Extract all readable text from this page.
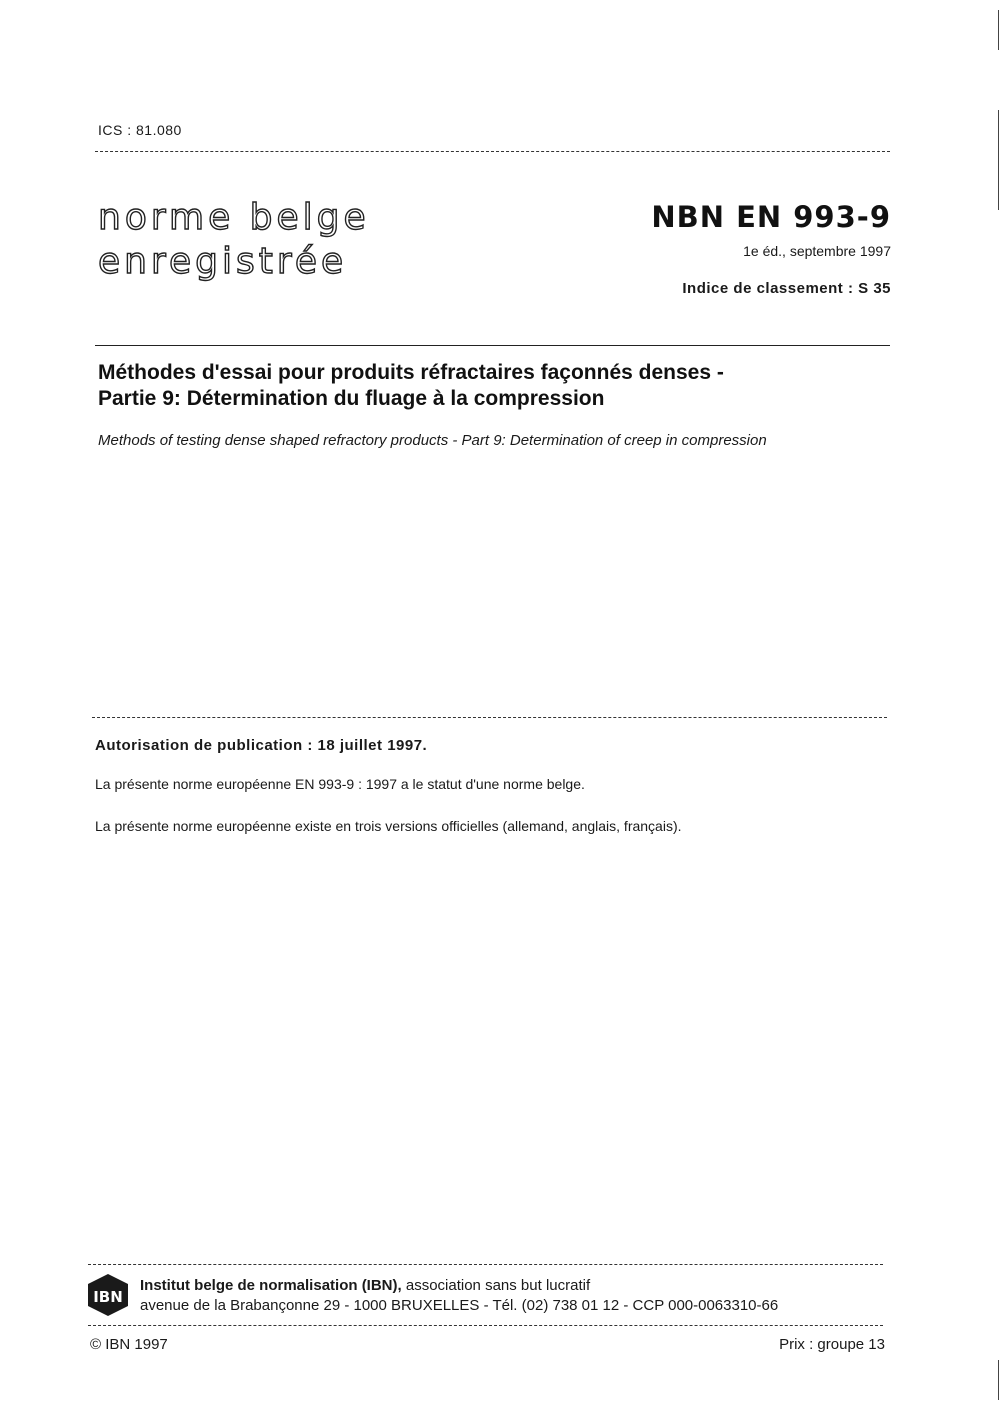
ICS : 81.080
norme belge
enregistrée
NBN EN 993-9
1e éd., septembre 1997
Indice de classement : S 35
Méthodes d'essai pour produits réfractaires façonnés denses -
Partie 9: Détermination du fluage à la compression
Methods of testing dense shaped refractory products - Part 9: Determination of creep in compression
Autorisation de publication : 18 juillet 1997.
La présente norme européenne EN 993-9 : 1997 a le statut d'une norme belge.
La présente norme européenne existe en trois versions officielles (allemand, anglais, français).
IBN
Institut belge de normalisation (IBN), association sans but lucratif
avenue de la Brabançonne 29 - 1000 BRUXELLES - Tél. (02) 738 01 12 - CCP 000-0063310-66
© IBN 1997	Prix : groupe 13
